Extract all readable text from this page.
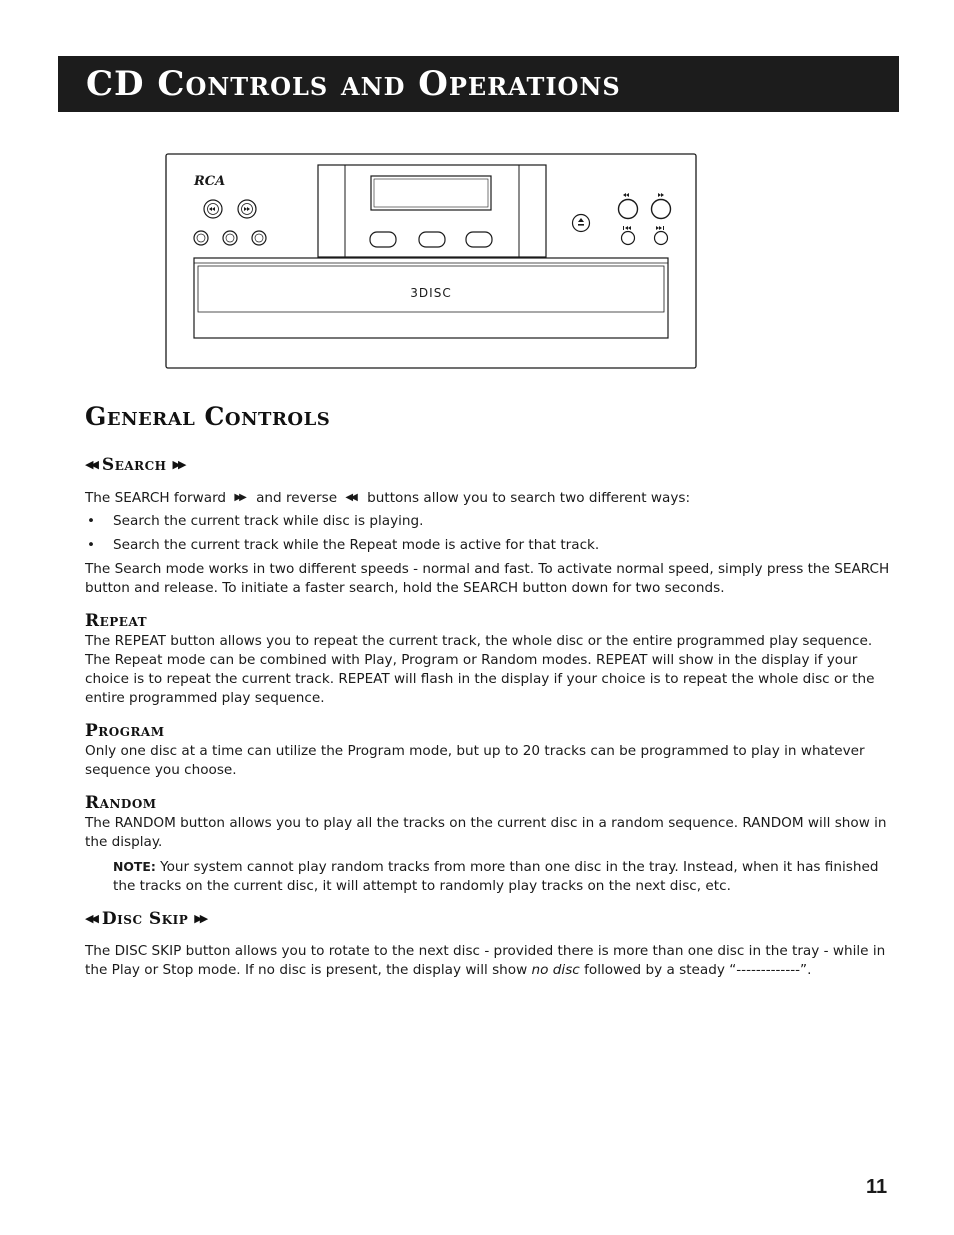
CD Controls and Operations
RCA
3DISC
General Controls
◀◀ Search ▶▶

The SEARCH forward ▶▶ and reverse ◀◀ buttons allow you to search two different ways:

• Search the current track while disc is playing.
• Search the current track while the Repeat mode is active for that track.

The Search mode works in two different speeds - normal and fast. To activate normal speed, simply press the SEARCH button and release. To initiate a faster search, hold the SEARCH button down for two seconds.

Repeat

The REPEAT button allows you to repeat the current track, the whole disc or the entire programmed play sequence. The Repeat mode can be combined with Play, Program or Random modes. REPEAT will show in the display if your choice is to repeat the current track. REPEAT will flash in the display if your choice is to repeat the whole disc or the entire programmed play sequence.

Program

Only one disc at a time can utilize the Program mode, but up to 20 tracks can be programmed to play in whatever sequence you choose.

Random

The RANDOM button allows you to play all the tracks on the current disc in a random sequence. RANDOM will show in the display.

NOTE: Your system cannot play random tracks from more than one disc in the tray. Instead, when it has finished the tracks on the current disc, it will attempt to randomly play tracks on the next disc, etc.

◀◀ Disc Skip ▶▶

The DISC SKIP button allows you to rotate to the next disc - provided there is more than one disc in the tray - while in the Play or Stop mode. If no disc is present, the display will show no disc followed by a steady “-------------”.

11
